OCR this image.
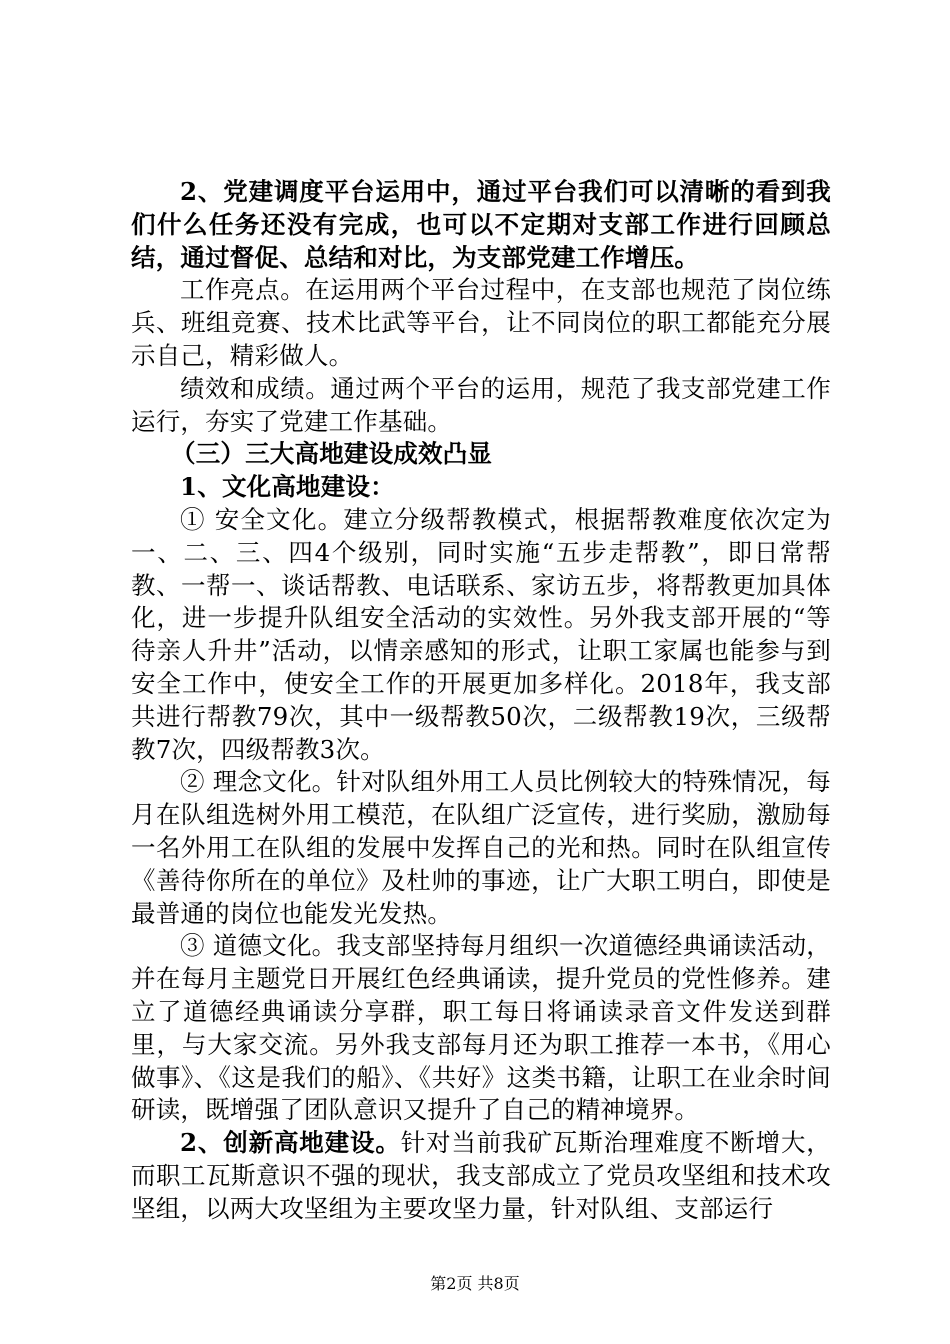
2、党建调度平台运用中，通过平台我们可以清晰的看到我们什么任务还没有完成，也可以不定期对支部工作进行回顾总结，通过督促、总结和对比，为支部党建工作增压。

工作亮点。在运用两个平台过程中，在支部也规范了岗位练兵、班组竞赛、技术比武等平台，让不同岗位的职工都能充分展示自己，精彩做人。

绩效和成绩。通过两个平台的运用，规范了我支部党建工作运行，夯实了党建工作基础。

（三）三大高地建设成效凸显

1、文化高地建设：

① 安全文化。建立分级帮教模式，根据帮教难度依次定为一、二、三、四4个级别，同时实施“五步走帮教”，即日常帮教、一帮一、谈话帮教、电话联系、家访五步，将帮教更加具体化，进一步提升队组安全活动的实效性。另外我支部开展的“等待亲人升井”活动，以情亲感知的形式，让职工家属也能参与到安全工作中，使安全工作的开展更加多样化。2018年，我支部共进行帮教79次，其中一级帮教50次，二级帮教19次，三级帮教7次，四级帮教3次。

② 理念文化。针对队组外用工人员比例较大的特殊情况，每月在队组选树外用工模范，在队组广泛宣传，进行奖励，激励每一名外用工在队组的发展中发挥自己的光和热。同时在队组宣传《善待你所在的单位》及杜帅的事迹，让广大职工明白，即使是最普通的岗位也能发光发热。

③ 道德文化。我支部坚持每月组织一次道德经典诵读活动，并在每月主题党日开展红色经典诵读，提升党员的党性修养。建立了道德经典诵读分享群，职工每日将诵读录音文件发送到群里，与大家交流。另外我支部每月还为职工推荐一本书，《用心做事》、《这是我们的船》、《共好》这类书籍，让职工在业余时间研读，既增强了团队意识又提升了自己的精神境界。

2、创新高地建设。针对当前我矿瓦斯治理难度不断增大，而职工瓦斯意识不强的现状，我支部成立了党员攻坚组和技术攻坚组，以两大攻坚组为主要攻坚力量，针对队组、支部运行

第2页 共8页
